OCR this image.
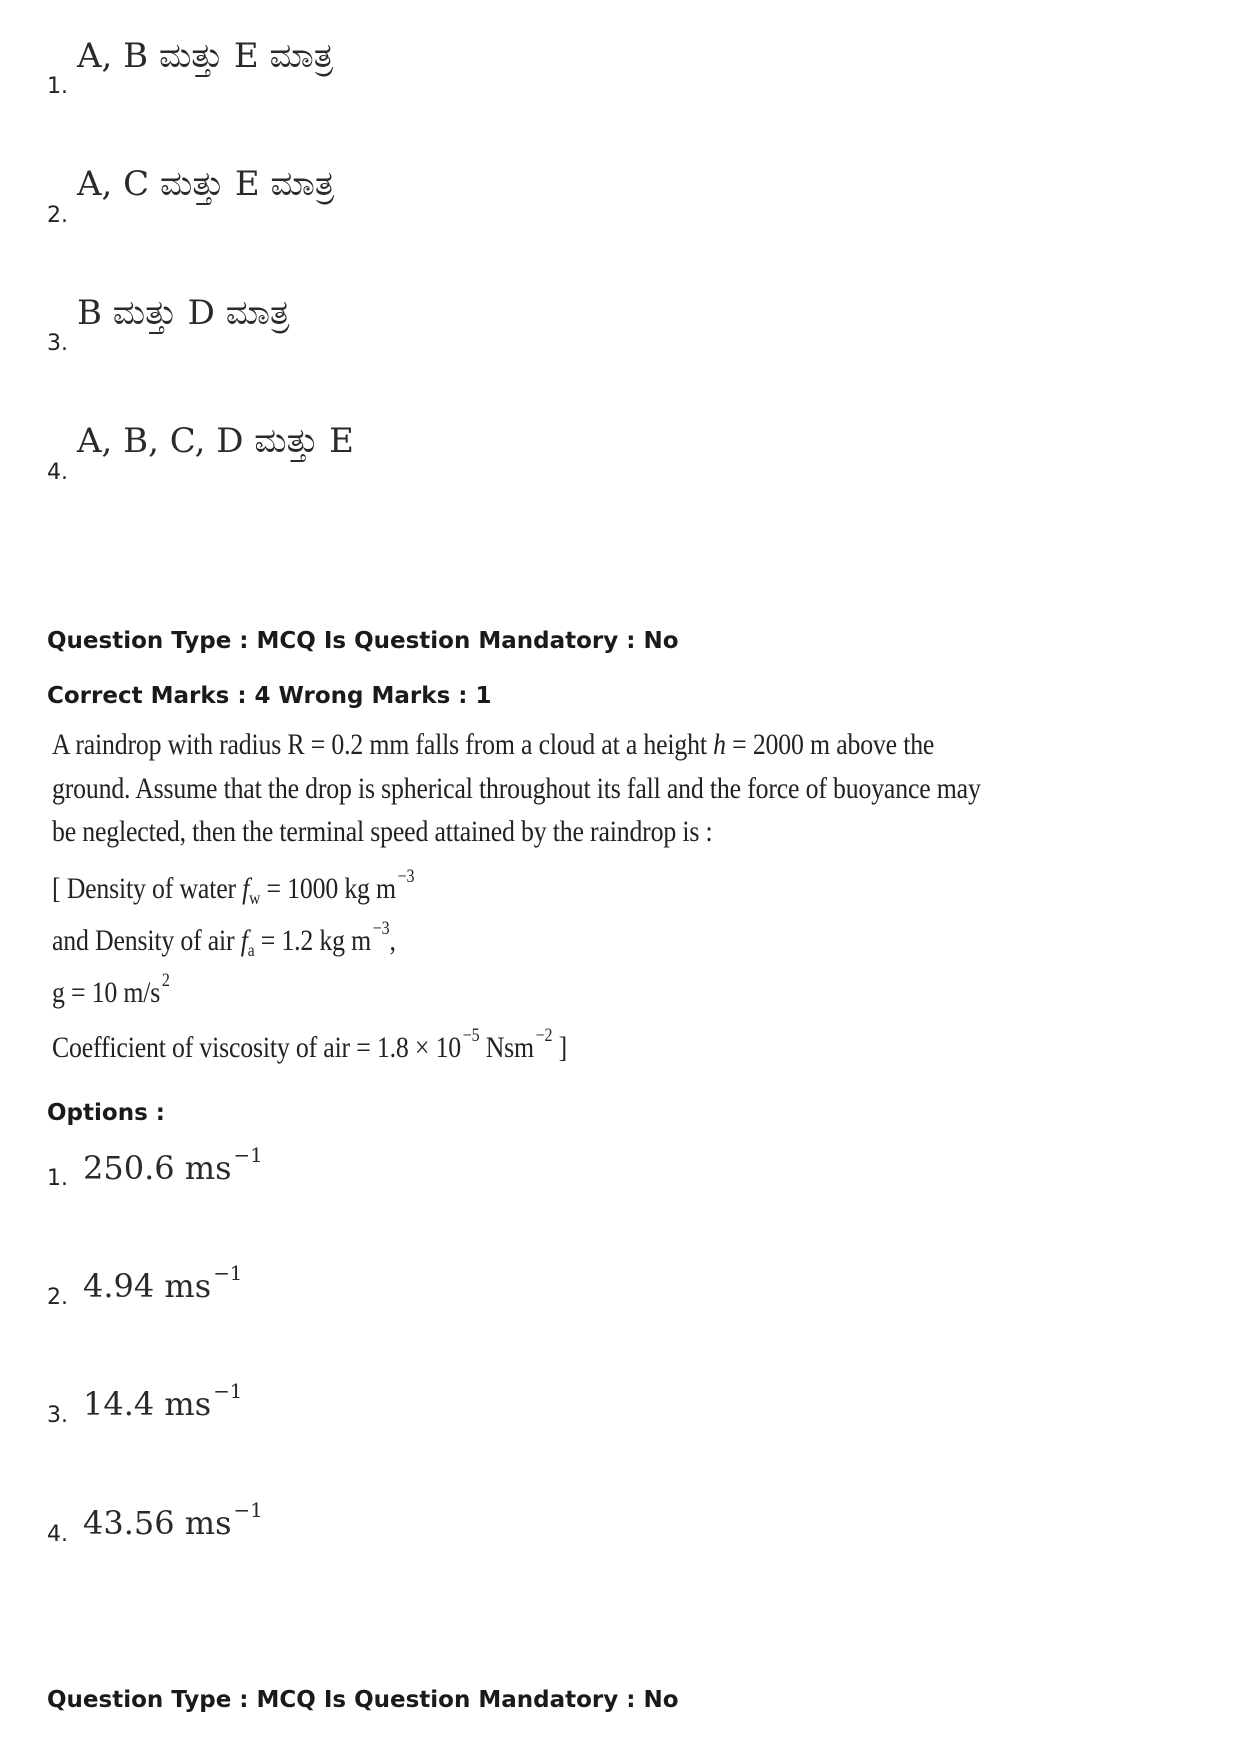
1.
A, B ಮತ್ತು E ಮಾತ್ರ
2.
A, C ಮತ್ತು E ಮಾತ್ರ
3.
B ಮತ್ತು D ಮಾತ್ರ
4.
A, B, C, D ಮತ್ತು E
Question Type : MCQ Is Question Mandatory : No
Correct Marks : 4 Wrong Marks : 1
A raindrop with radius R = 0.2 mm falls from a cloud at a height h = 2000 m above the
ground. Assume that the drop is spherical throughout its fall and the force of buoyance may
be neglected, then the terminal speed attained by the raindrop is :
[ Density of water $f_w = 1000$ kg $m^{-3}$
and Density of air $f_a = 1.2$ kg $m^{-3}$,
g = 10 $m/s^2$
Coefficient of viscosity of air = $1.8 \times 10^{-5}$ Nsm$^{-2}$ ]
Options :
1. 250.6 ms $^{-1}$
2. 4.94 ms $^{-1}$
3. 14.4 ms $^{-1}$
4. 43.56 ms $^{-1}$
Question Type : MCQ Is Question Mandatory : No
